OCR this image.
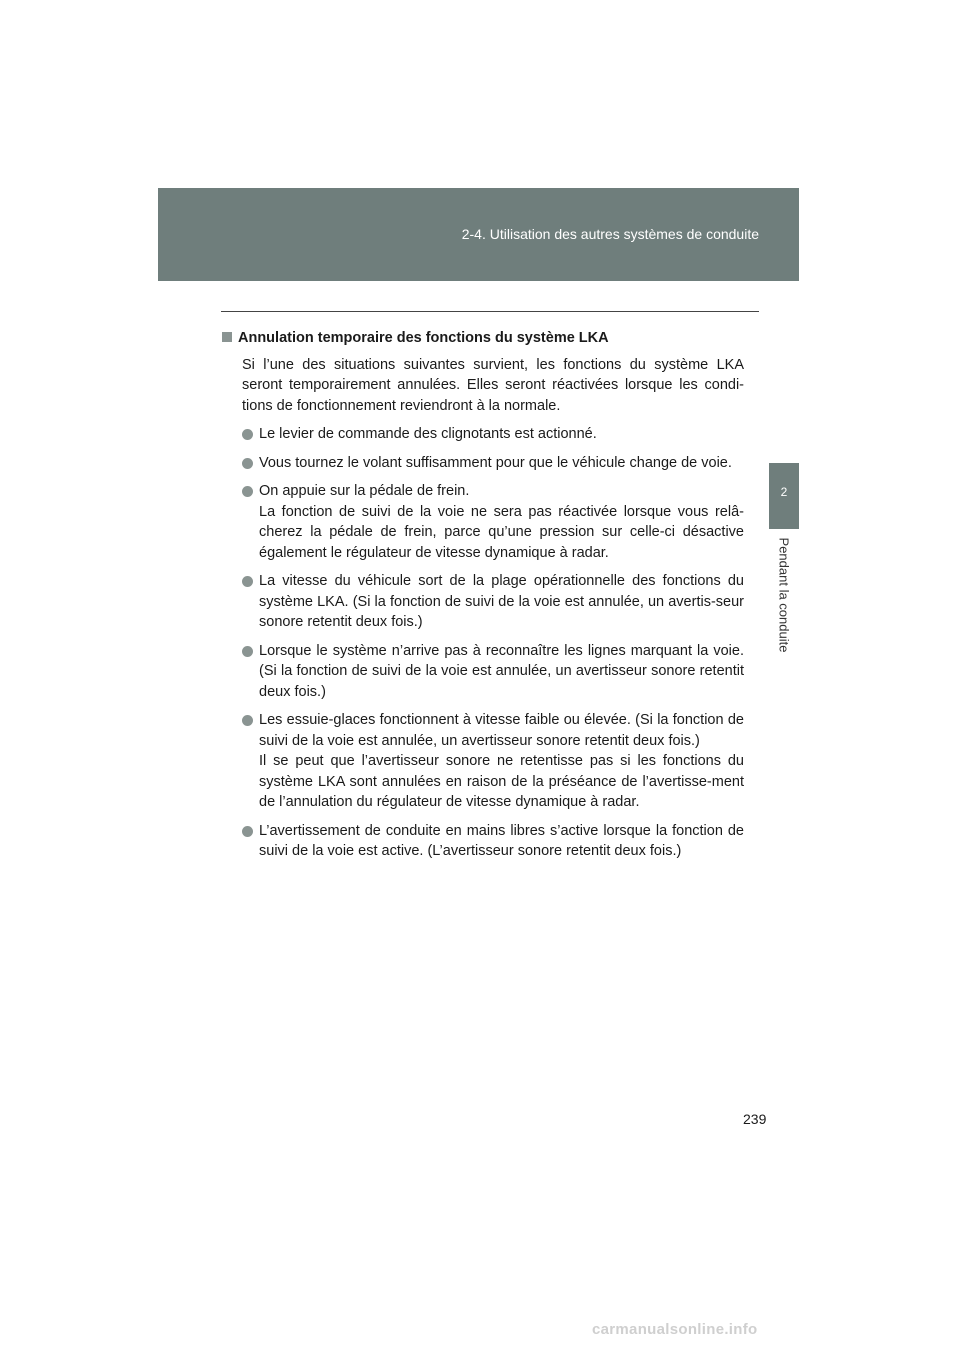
2-4. Utilisation des autres systèmes de conduite
2
Pendant la conduite
Annulation temporaire des fonctions du système LKA

Si l’une des situations suivantes survient, les fonctions du système LKA seront temporairement annulées. Elles seront réactivées lorsque les condi-tions de fonctionnement reviendront à la normale.

Le levier de commande des clignotants est actionné.
Vous tournez le volant suffisamment pour que le véhicule change de voie.
On appuie sur la pédale de frein.
La fonction de suivi de la voie ne sera pas réactivée lorsque vous relâ-cherez la pédale de frein, parce qu’une pression sur celle-ci désactive également le régulateur de vitesse dynamique à radar.
La vitesse du véhicule sort de la plage opérationnelle des fonctions du système LKA. (Si la fonction de suivi de la voie est annulée, un avertis-seur sonore retentit deux fois.)
Lorsque le système n’arrive pas à reconnaître les lignes marquant la voie. (Si la fonction de suivi de la voie est annulée, un avertisseur sonore retentit deux fois.)
Les essuie-glaces fonctionnent à vitesse faible ou élevée. (Si la fonction de suivi de la voie est annulée, un avertisseur sonore retentit deux fois.)
Il se peut que l’avertisseur sonore ne retentisse pas si les fonctions du système LKA sont annulées en raison de la préséance de l’avertisse-ment de l’annulation du régulateur de vitesse dynamique à radar.
L’avertissement de conduite en mains libres s’active lorsque la fonction de suivi de la voie est active. (L’avertisseur sonore retentit deux fois.)
239
carmanualsonline.info
